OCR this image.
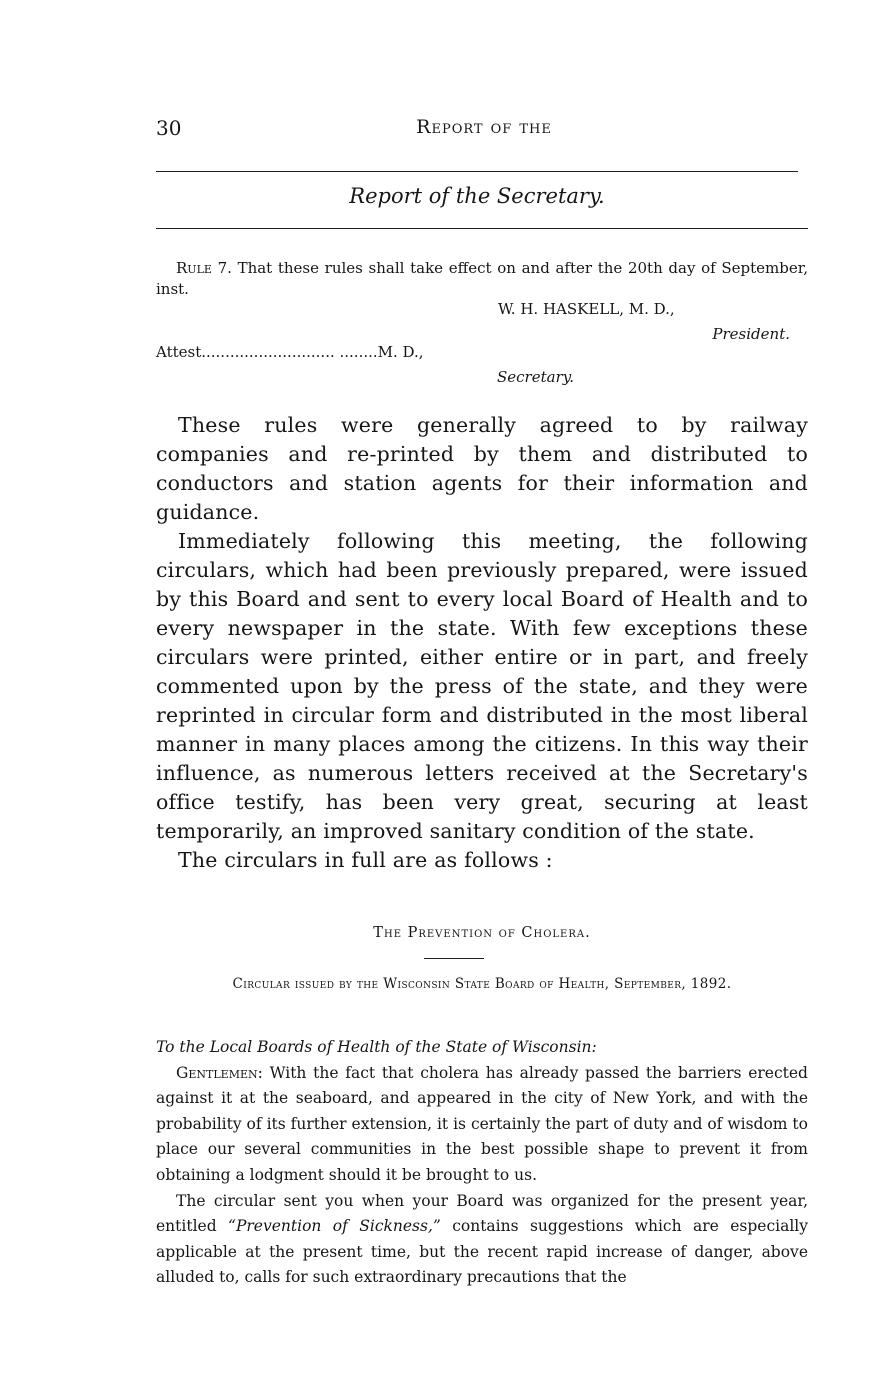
30	Report of the
Report of the Secretary.
Rule 7. That these rules shall take effect on and after the 20th day of September, inst.
W. H. HASKELL, M. D.,
President.
Attest............................ ........M. D.,
Secretary.

These rules were generally agreed to by railway companies and re-printed by them and distributed to conductors and station agents for their information and guidance.

Immediately following this meeting, the following circulars, which had been previously prepared, were issued by this Board and sent to every local Board of Health and to every newspaper in the state. With few exceptions these circulars were printed, either entire or in part, and freely commented upon by the press of the state, and they were reprinted in circular form and distributed in the most liberal manner in many places among the citizens. In this way their influence, as numerous letters received at the Secretary's office testify, has been very great, securing at least temporarily, an improved sanitary condition of the state.

The circulars in full are as follows :

The Prevention of Cholera.
Circular issued by the Wisconsin State Board of Health, September, 1892.

To the Local Boards of Health of the State of Wisconsin:

Gentlemen: With the fact that cholera has already passed the barriers erected against it at the seaboard, and appeared in the city of New York, and with the probability of its further extension, it is certainly the part of duty and of wisdom to place our several communities in the best possible shape to prevent it from obtaining a lodgment should it be brought to us.

The circular sent you when your Board was organized for the present year, entitled “Prevention of Sickness,” contains suggestions which are especially applicable at the present time, but the recent rapid increase of danger, above alluded to, calls for such extraordinary precautions that the
